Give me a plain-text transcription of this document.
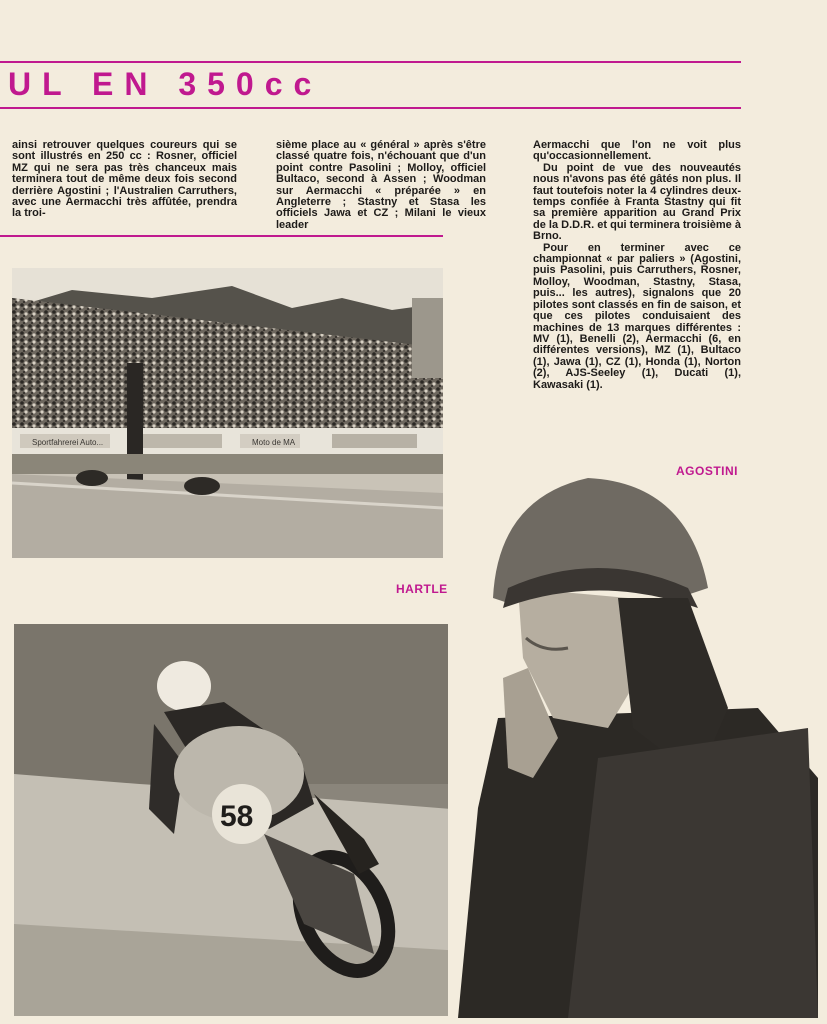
UL EN 350cc

ainsi retrouver quelques coureurs qui se sont illustrés en 250 cc : Rosner, officiel MZ qui ne sera pas très chanceux mais terminera tout de même deux fois second derrière Agostini ; l'Australien Carruthers, avec une Aermacchi très affûtée, prendra la troi-

sième place au « général » après s'être classé quatre fois, n'échouant que d'un point contre Pasolini ; Molloy, officiel Bultaco, second à Assen ; Woodman sur Aermacchi « préparée » en Angleterre ; Stastny et Stasa les officiels Jawa et CZ ; Milani le vieux leader

Aermacchi que l'on ne voit plus qu'occasionnellement.

Du point de vue des nouveautés nous n'avons pas été gâtés non plus. Il faut toutefois noter la 4 cylindres deux-temps confiée à Franta Stastny qui fit sa première apparition au Grand Prix de la D.D.R. et qui terminera troisième à Brno.

Pour en terminer avec ce championnat « par paliers » (Agostini, puis Pasolini, puis Carruthers, Rosner, Molloy, Woodman, Stastny, Stasa, puis... les autres), signalons que 20 pilotes sont classés en fin de saison, et que ces pilotes conduisaient des machines de 13 marques différentes : MV (1), Benelli (2), Aermacchi (6, en différentes versions), MZ (1), Bultaco (1), Jawa (1), CZ (1), Honda (1), Norton (2), AJS-Seeley (1), Ducati (1), Kawasaki (1).

Sportfahrerei Auto...	Moto de MA
AGOSTINI
HARTLE
58
